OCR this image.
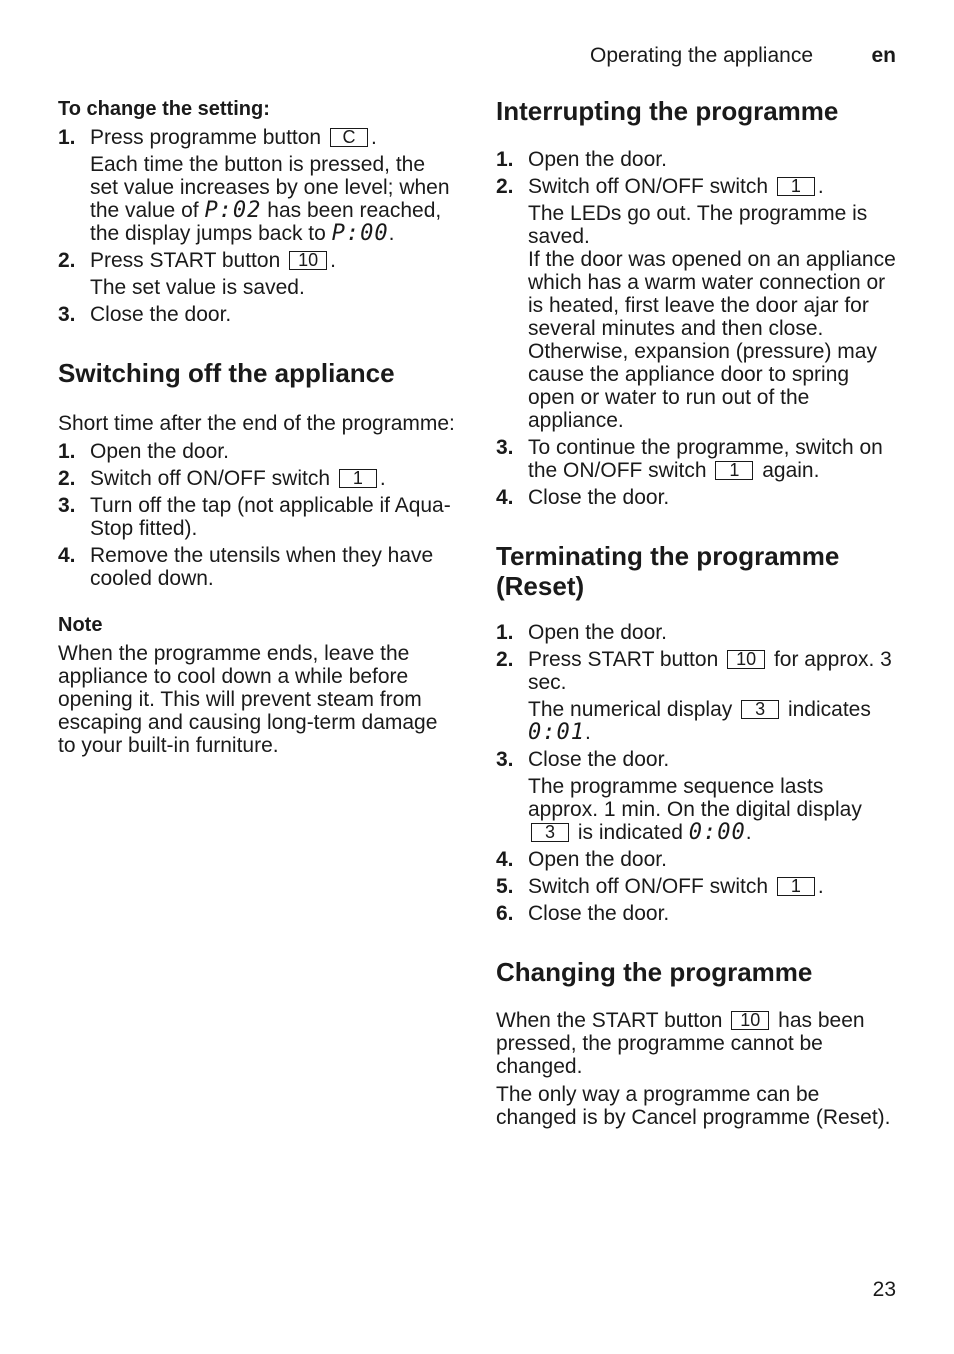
Operating the appliance	en
To change the setting:
1. Press programme button C .
Each time the button is pressed, the set value increases by one level; when the value of P:02 has been reached, the display jumps back to P:00.
2. Press START button 10 .
The set value is saved.
3. Close the door.
Switching off the appliance

Short time after the end of the programme:

1. Open the door.
2. Switch off ON/OFF switch 1 .
3. Turn off the tap (not applicable if Aqua-Stop fitted).
4. Remove the utensils when they have cooled down.
Note

When the programme ends, leave the appliance to cool down a while before opening it. This will prevent steam from escaping and causing long-term damage to your built-in furniture.

Interrupting the programme
1. Open the door.
2. Switch off ON/OFF switch 1 .
The LEDs go out. The programme is saved.
If the door was opened on an appliance which has a warm water connection or is heated, first leave the door ajar for several minutes and then close. Otherwise, expansion (pressure) may cause the appliance door to spring open or water to run out of the appliance.
3. To continue the programme, switch on the ON/OFF switch 1 again.
4. Close the door.
Terminating the programme (Reset)
1. Open the door.
2. Press START button 10 for approx. 3 sec.
The numerical display 3 indicates 0:01.
3. Close the door.
The programme sequence lasts approx. 1 min. On the digital display 3 is indicated 0:00.
4. Open the door.
5. Switch off ON/OFF switch 1 .
6. Close the door.
Changing the programme

When the START button 10 has been pressed, the programme cannot be changed.

The only way a programme can be changed is by Cancel programme (Reset).

23
